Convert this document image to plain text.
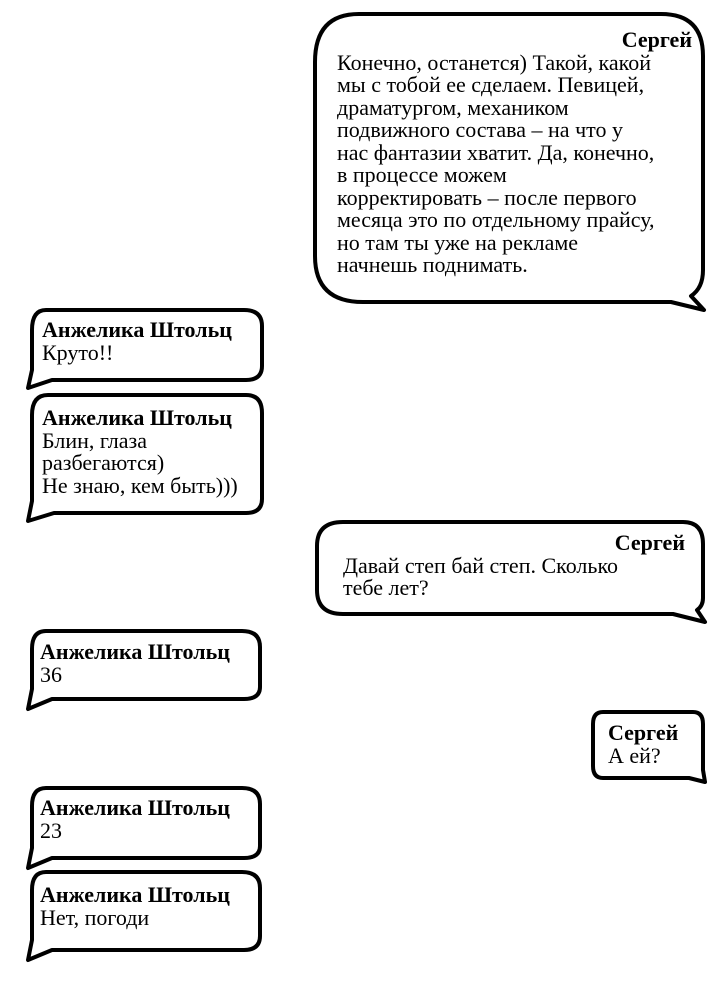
Сергей
Конечно, останется) Такой, какой
мы с тобой ее сделаем. Певицей,
драматургом, механиком
подвижного состава – на что у
нас фантазии хватит. Да, конечно,
в процессе можем
корректировать – после первого
месяца это по отдельному прайсу,
но там ты уже на рекламе
начнешь поднимать.
Анжелика Штольц
Круто!!
Анжелика Штольц
Блин, глаза
разбегаются)
Не знаю, кем быть)))
Сергей
Давай степ бай степ. Сколько
тебе лет?
Анжелика Штольц
36
Сергей
А ей?
Анжелика Штольц
23
Анжелика Штольц
Нет, погоди
